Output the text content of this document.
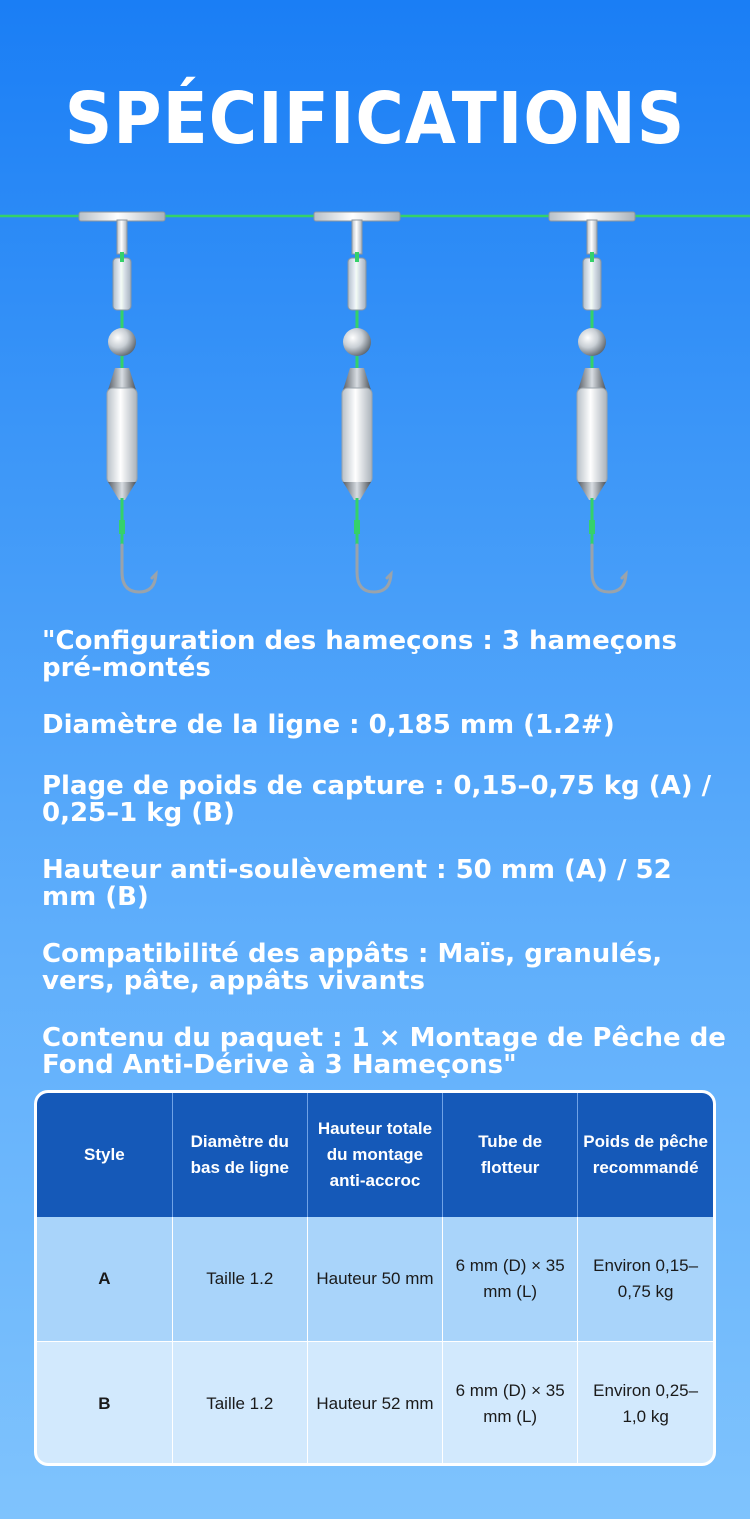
SPÉCIFICATIONS

"Configuration des hameçons : 3 hameçons pré-montés

Diamètre de la ligne : 0,185 mm (1.2#)

Plage de poids de capture : 0,15–0,75 kg (A) / 0,25–1 kg (B)

Hauteur anti-soulèvement : 50 mm (A) / 52 mm (B)

Compatibilité des appâts : Maïs, granulés, vers, pâte, appâts vivants

Contenu du paquet : 1 × Montage de Pêche de Fond Anti-Dérive à 3 Hameçons"

Style	Diamètre du bas de ligne	Hauteur totale du montage anti-accroc	Tube de flotteur	Poids de pêche recommandé
A	Taille 1.2	Hauteur 50 mm	6 mm (D) × 35 mm (L)	Environ 0,15–0,75 kg
B	Taille 1.2	Hauteur 52 mm	6 mm (D) × 35 mm (L)	Environ 0,25–1,0 kg
